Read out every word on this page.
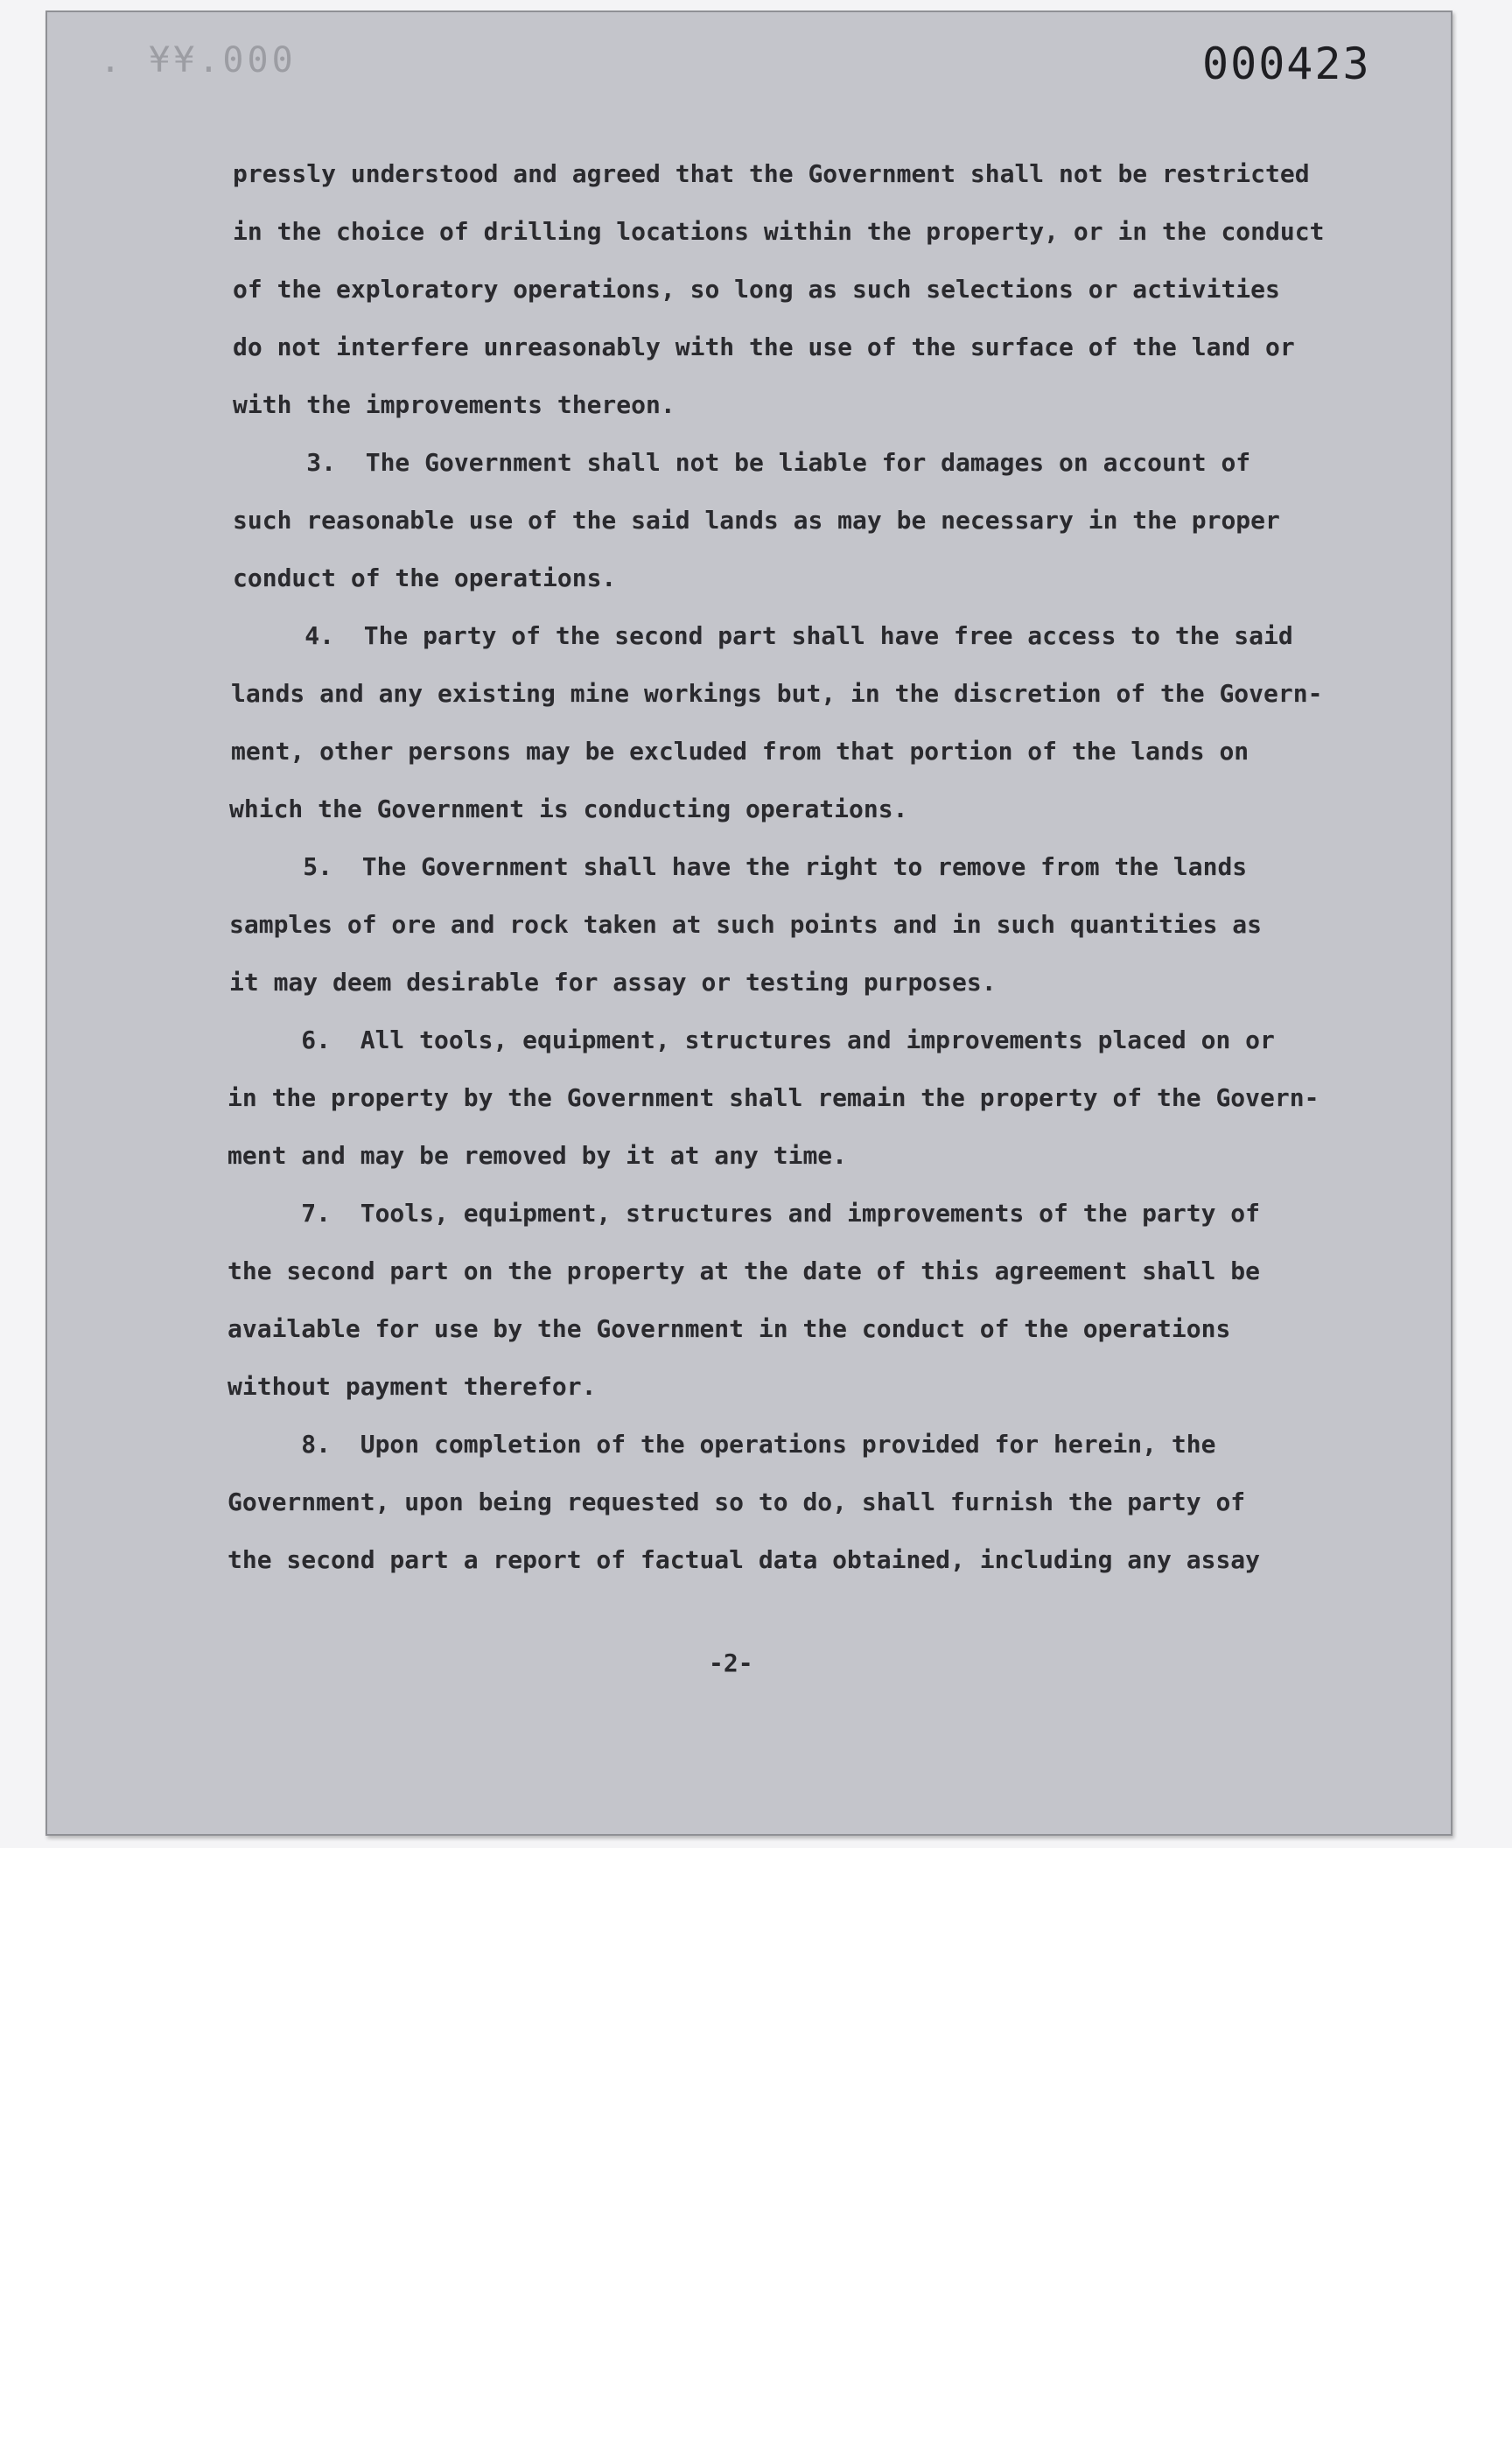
. ¥¥.000	000423
pressly understood and agreed that the Government shall not be restricted
in the choice of drilling locations within the property, or in the conduct
of the exploratory operations, so long as such selections or activities
do not interfere unreasonably with the use of the surface of the land or
with the improvements thereon.
3.  The Government shall not be liable for damages on account of
such reasonable use of the said lands as may be necessary in the proper
conduct of the operations.
4.  The party of the second part shall have free access to the said
lands and any existing mine workings but, in the discretion of the Govern-
ment, other persons may be excluded from that portion of the lands on
which the Government is conducting operations.
5.  The Government shall have the right to remove from the lands
samples of ore and rock taken at such points and in such quantities as
it may deem desirable for assay or testing purposes.
6.  All tools, equipment, structures and improvements placed on or
in the property by the Government shall remain the property of the Govern-
ment and may be removed by it at any time.
7.  Tools, equipment, structures and improvements of the party of
the second part on the property at the date of this agreement shall be
available for use by the Government in the conduct of the operations
without payment therefor.
8.  Upon completion of the operations provided for herein, the
Government, upon being requested so to do, shall furnish the party of
the second part a report of factual data obtained, including any assay
-2-
